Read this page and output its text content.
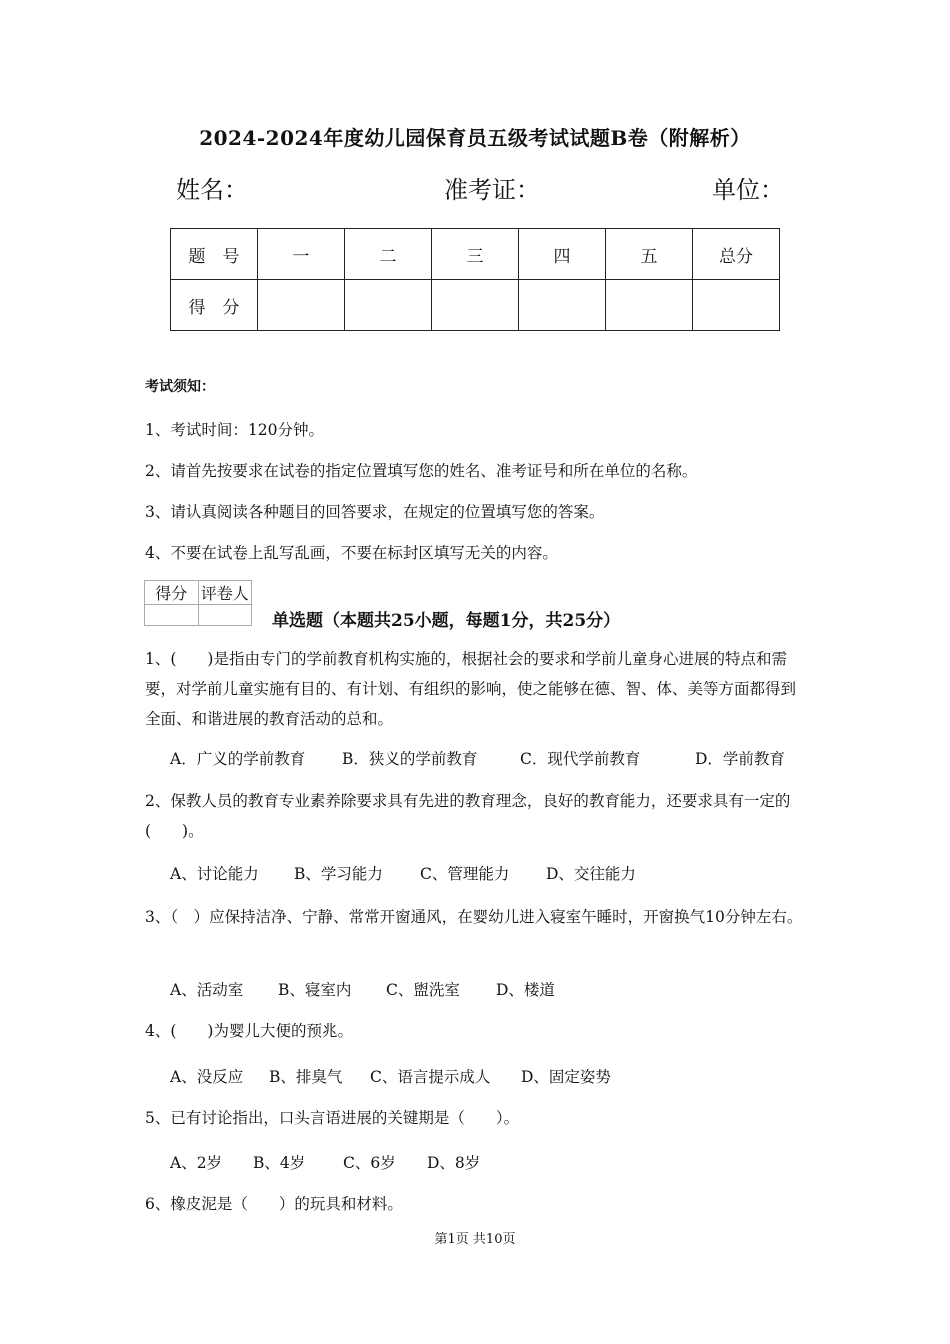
2024-2024年度幼儿园保育员五级考试试题B卷（附解析）
姓名：	准考证：	单位：
题　号	一	二	三	四	五	总分
得　分						
考试须知：
1、考试时间：120分钟。
2、请首先按要求在试卷的指定位置填写您的姓名、准考证号和所在单位的名称。
3、请认真阅读各种题目的回答要求，在规定的位置填写您的答案。
4、不要在试卷上乱写乱画，不要在标封区填写无关的内容。
得分	评卷人

单选题（本题共25小题，每题1分，共25分）
1、(　　)是指由专门的学前教育机构实施的，根据社会的要求和学前儿童身心进展的特点和需要，对学前儿童实施有目的、有计划、有组织的影响，使之能够在德、智、体、美等方面都得到全面、和谐进展的教育活动的总和。
A．广义的学前教育 B．狭义的学前教育	C．现代学前教育	D．学前教育
2、保教人员的教育专业素养除要求具有先进的教育理念，良好的教育能力，还要求具有一定的(　　)。
A、讨论能力 B、学习能力 C、管理能力 D、交往能力
3、（　）应保持洁净、宁静、常常开窗通风，在婴幼儿进入寝室午睡时，开窗换气10分钟左右。
A、活动室 B、寝室内 C、盥洗室 D、楼道
4、(　　)为婴儿大便的预兆。
A、没反应 B、排臭气 C、语言提示成人 D、固定姿势
5、已有讨论指出，口头言语进展的关键期是（　　）。
A、2岁 B、4岁 C、6岁 D、8岁
6、橡皮泥是（　　）的玩具和材料。
第1页 共10页
